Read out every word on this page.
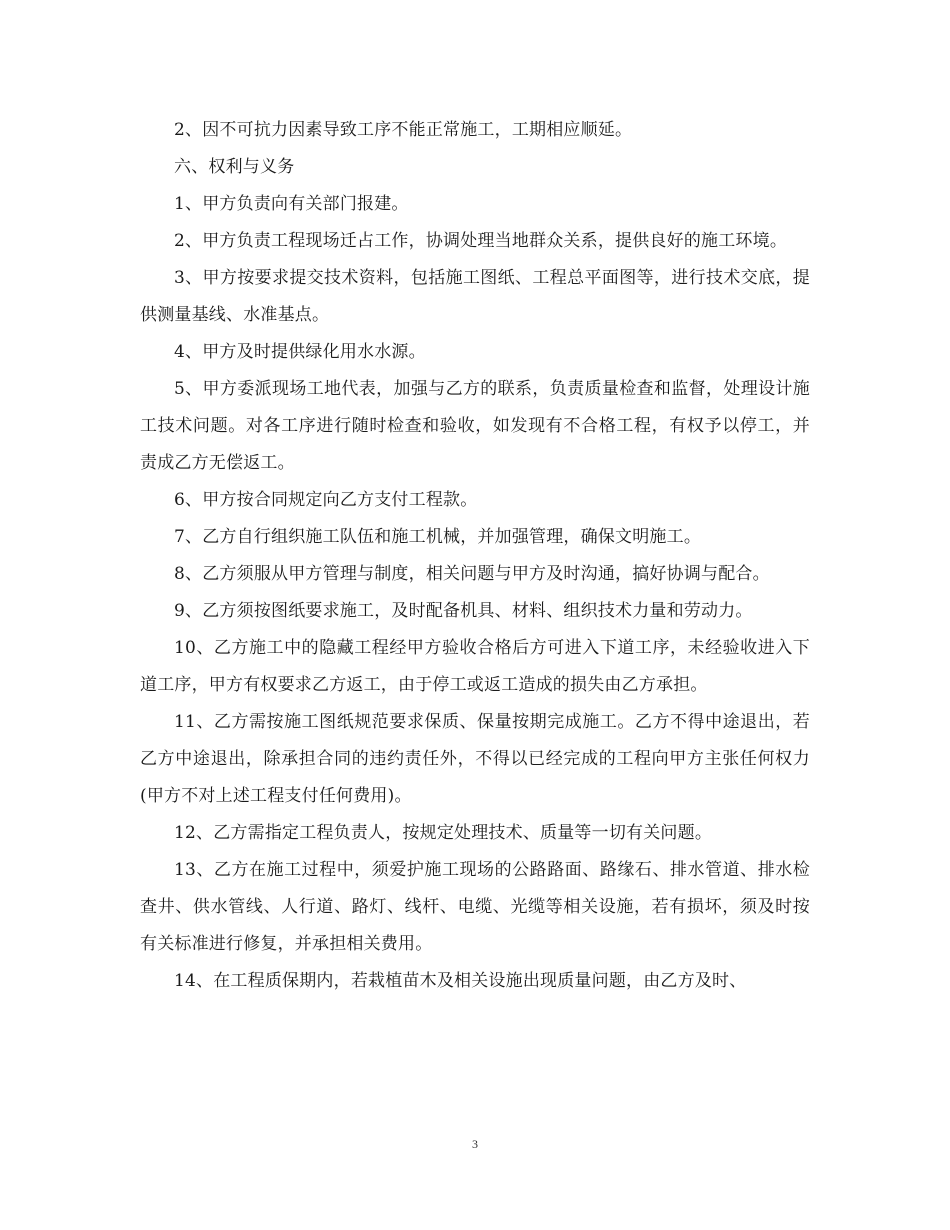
2、因不可抗力因素导致工序不能正常施工，工期相应顺延。

六、权利与义务

1、甲方负责向有关部门报建。

2、甲方负责工程现场迁占工作，协调处理当地群众关系，提供良好的施工环境。

3、甲方按要求提交技术资料，包括施工图纸、工程总平面图等，进行技术交底，提供测量基线、水准基点。

4、甲方及时提供绿化用水水源。

5、甲方委派现场工地代表，加强与乙方的联系，负责质量检查和监督，处理设计施工技术问题。对各工序进行随时检查和验收，如发现有不合格工程，有权予以停工，并责成乙方无偿返工。

6、甲方按合同规定向乙方支付工程款。

7、乙方自行组织施工队伍和施工机械，并加强管理，确保文明施工。

8、乙方须服从甲方管理与制度，相关问题与甲方及时沟通，搞好协调与配合。

9、乙方须按图纸要求施工，及时配备机具、材料、组织技术力量和劳动力。

10、乙方施工中的隐藏工程经甲方验收合格后方可进入下道工序，未经验收进入下道工序，甲方有权要求乙方返工，由于停工或返工造成的损失由乙方承担。

11、乙方需按施工图纸规范要求保质、保量按期完成施工。乙方不得中途退出，若乙方中途退出，除承担合同的违约责任外，不得以已经完成的工程向甲方主张任何权力(甲方不对上述工程支付任何费用)。

12、乙方需指定工程负责人，按规定处理技术、质量等一切有关问题。

13、乙方在施工过程中，须爱护施工现场的公路路面、路缘石、排水管道、排水检查井、供水管线、人行道、路灯、线杆、电缆、光缆等相关设施，若有损坏，须及时按有关标准进行修复，并承担相关费用。

14、在工程质保期内，若栽植苗木及相关设施出现质量问题，由乙方及时、

3
